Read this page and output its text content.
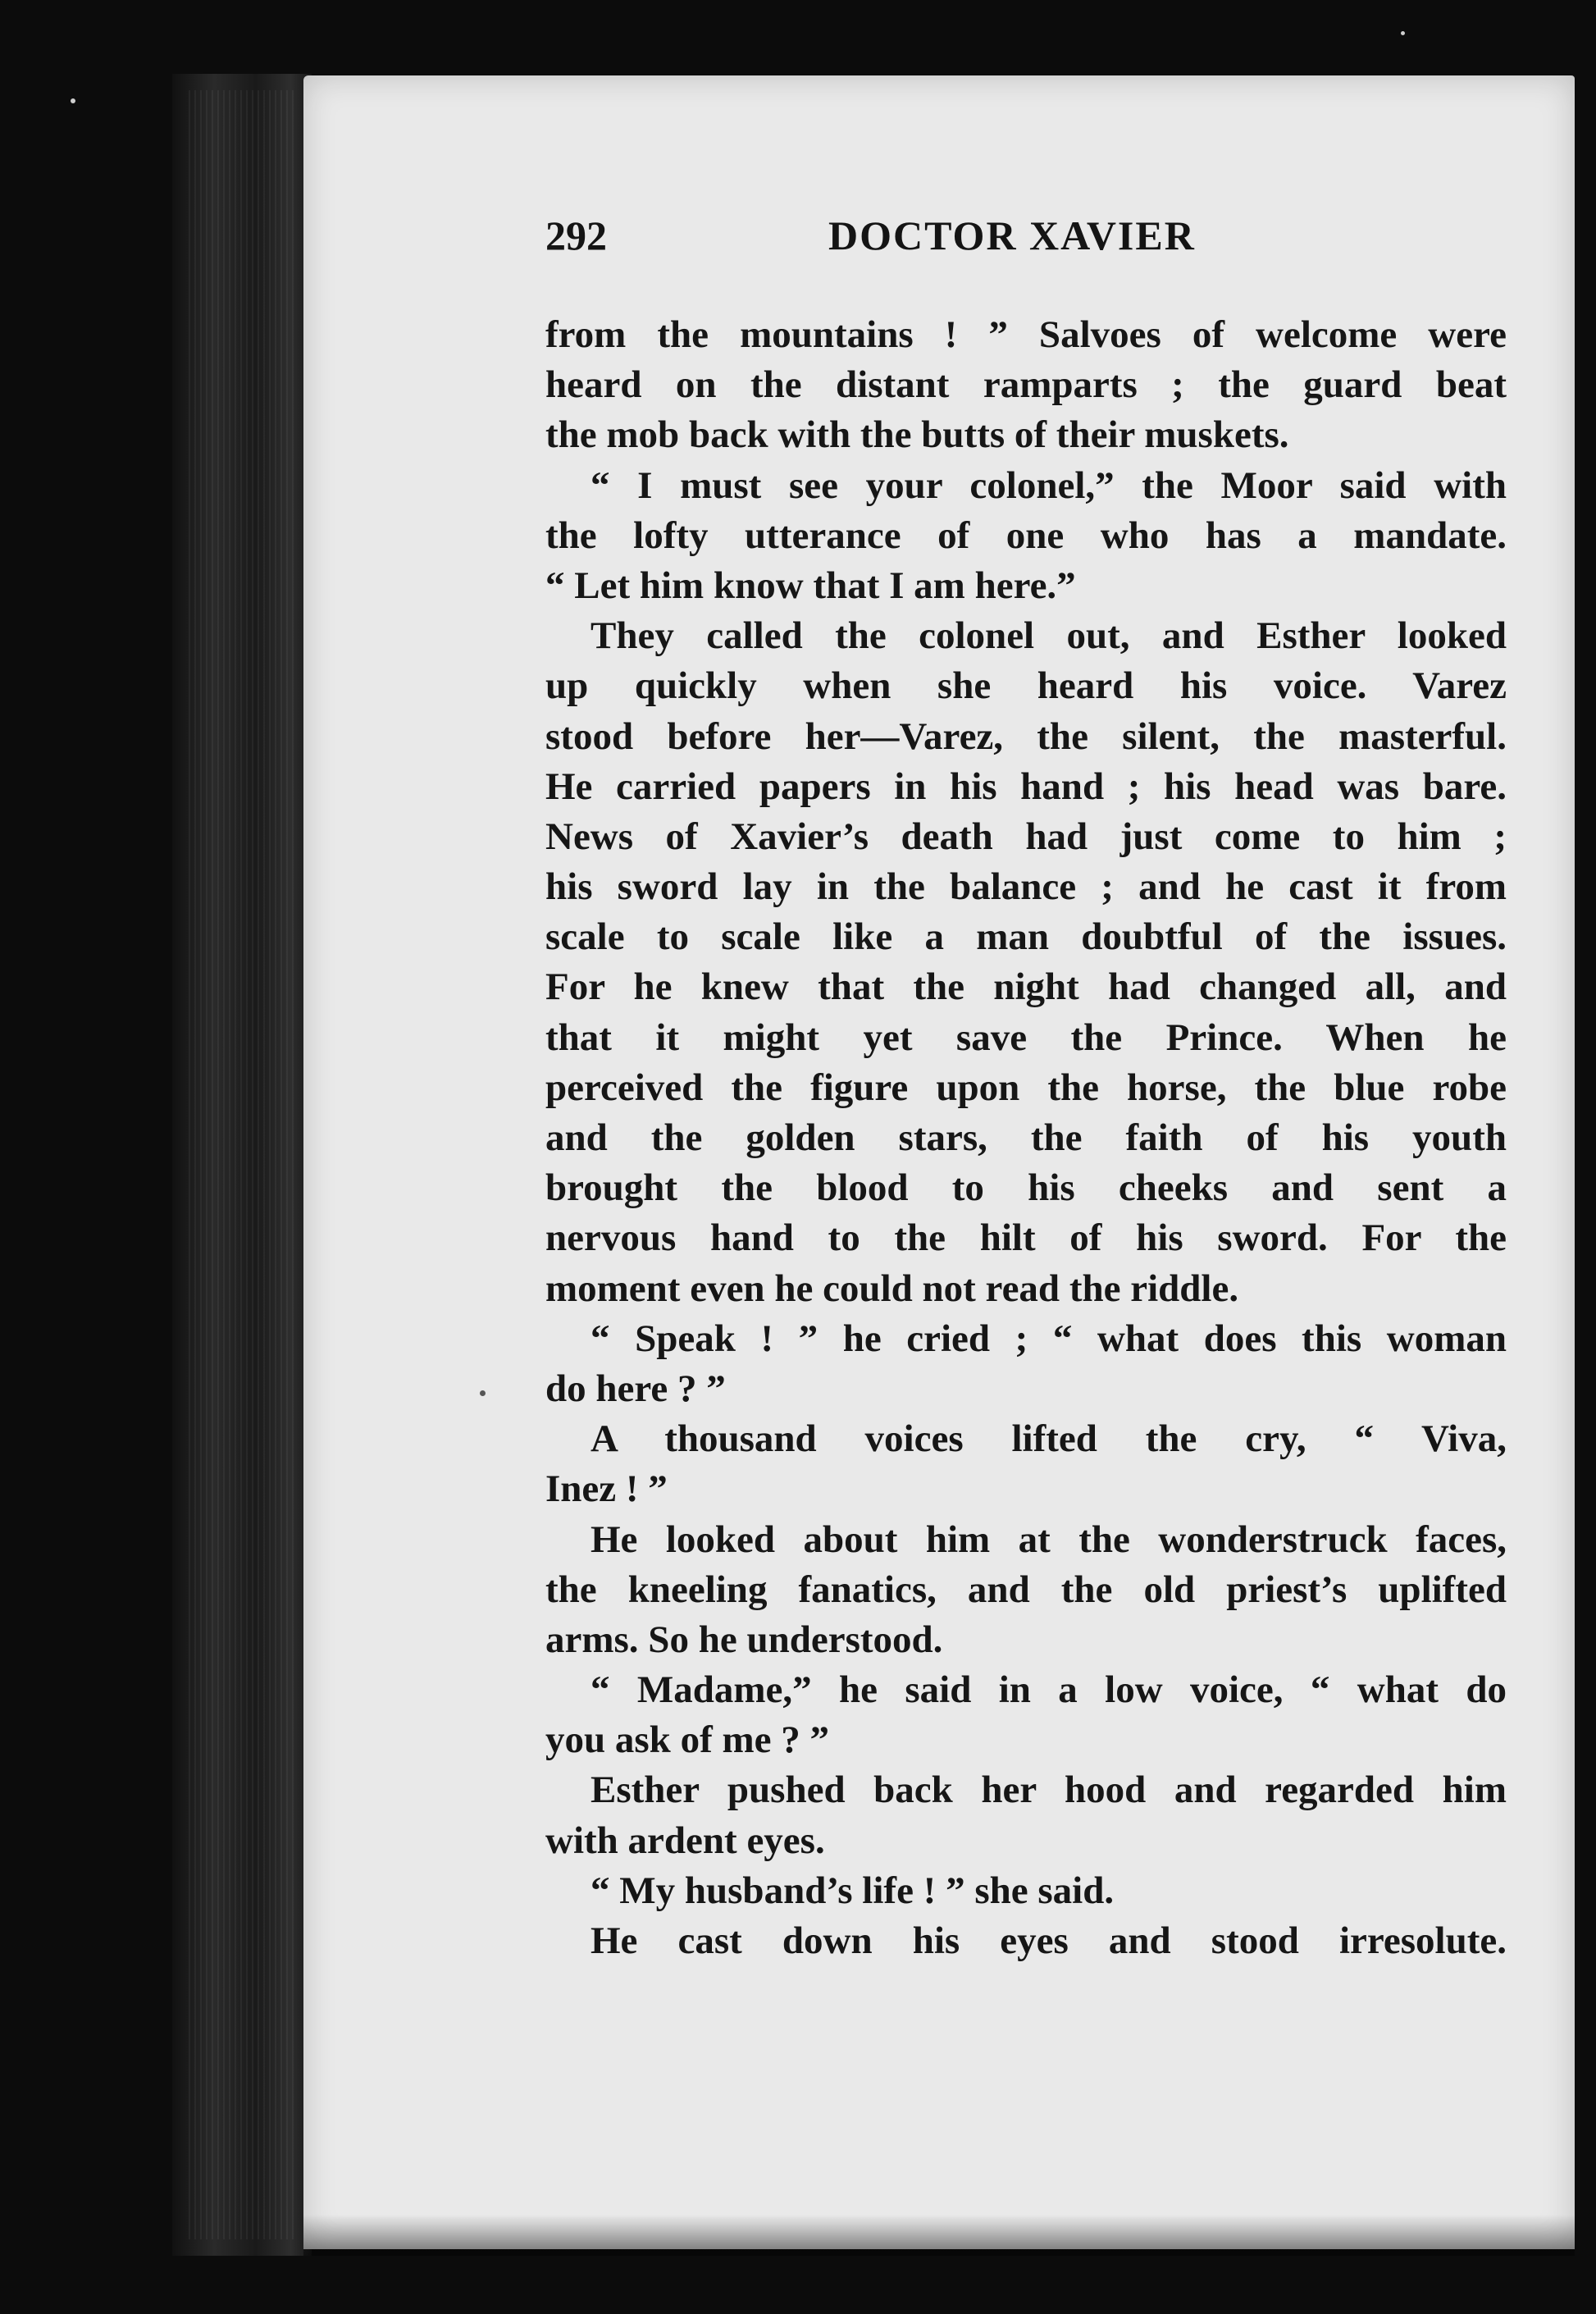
292	DOCTOR XAVIER
from the mountains ! ” Salvoes of welcome were
heard on the distant ramparts ; the guard beat
the mob back with the butts of their muskets.
“ I must see your colonel,” the Moor said with
the lofty utterance of one who has a mandate.
“ Let him know that I am here.”
They called the colonel out, and Esther looked
up quickly when she heard his voice. Varez
stood before her—Varez, the silent, the masterful.
He carried papers in his hand ; his head was bare.
News of Xavier’s death had just come to him ;
his sword lay in the balance ; and he cast it from
scale to scale like a man doubtful of the issues.
For he knew that the night had changed all, and
that it might yet save the Prince. When he
perceived the figure upon the horse, the blue robe
and the golden stars, the faith of his youth
brought the blood to his cheeks and sent a
nervous hand to the hilt of his sword. For the
moment even he could not read the riddle.
“ Speak ! ” he cried ; “ what does this woman
do here ? ”
A thousand voices lifted the cry, “ Viva,
Inez ! ”
He looked about him at the wonderstruck faces,
the kneeling fanatics, and the old priest’s uplifted
arms. So he understood.
“ Madame,” he said in a low voice, “ what do
you ask of me ? ”
Esther pushed back her hood and regarded him
with ardent eyes.
“ My husband’s life ! ” she said.
He cast down his eyes and stood irresolute.
